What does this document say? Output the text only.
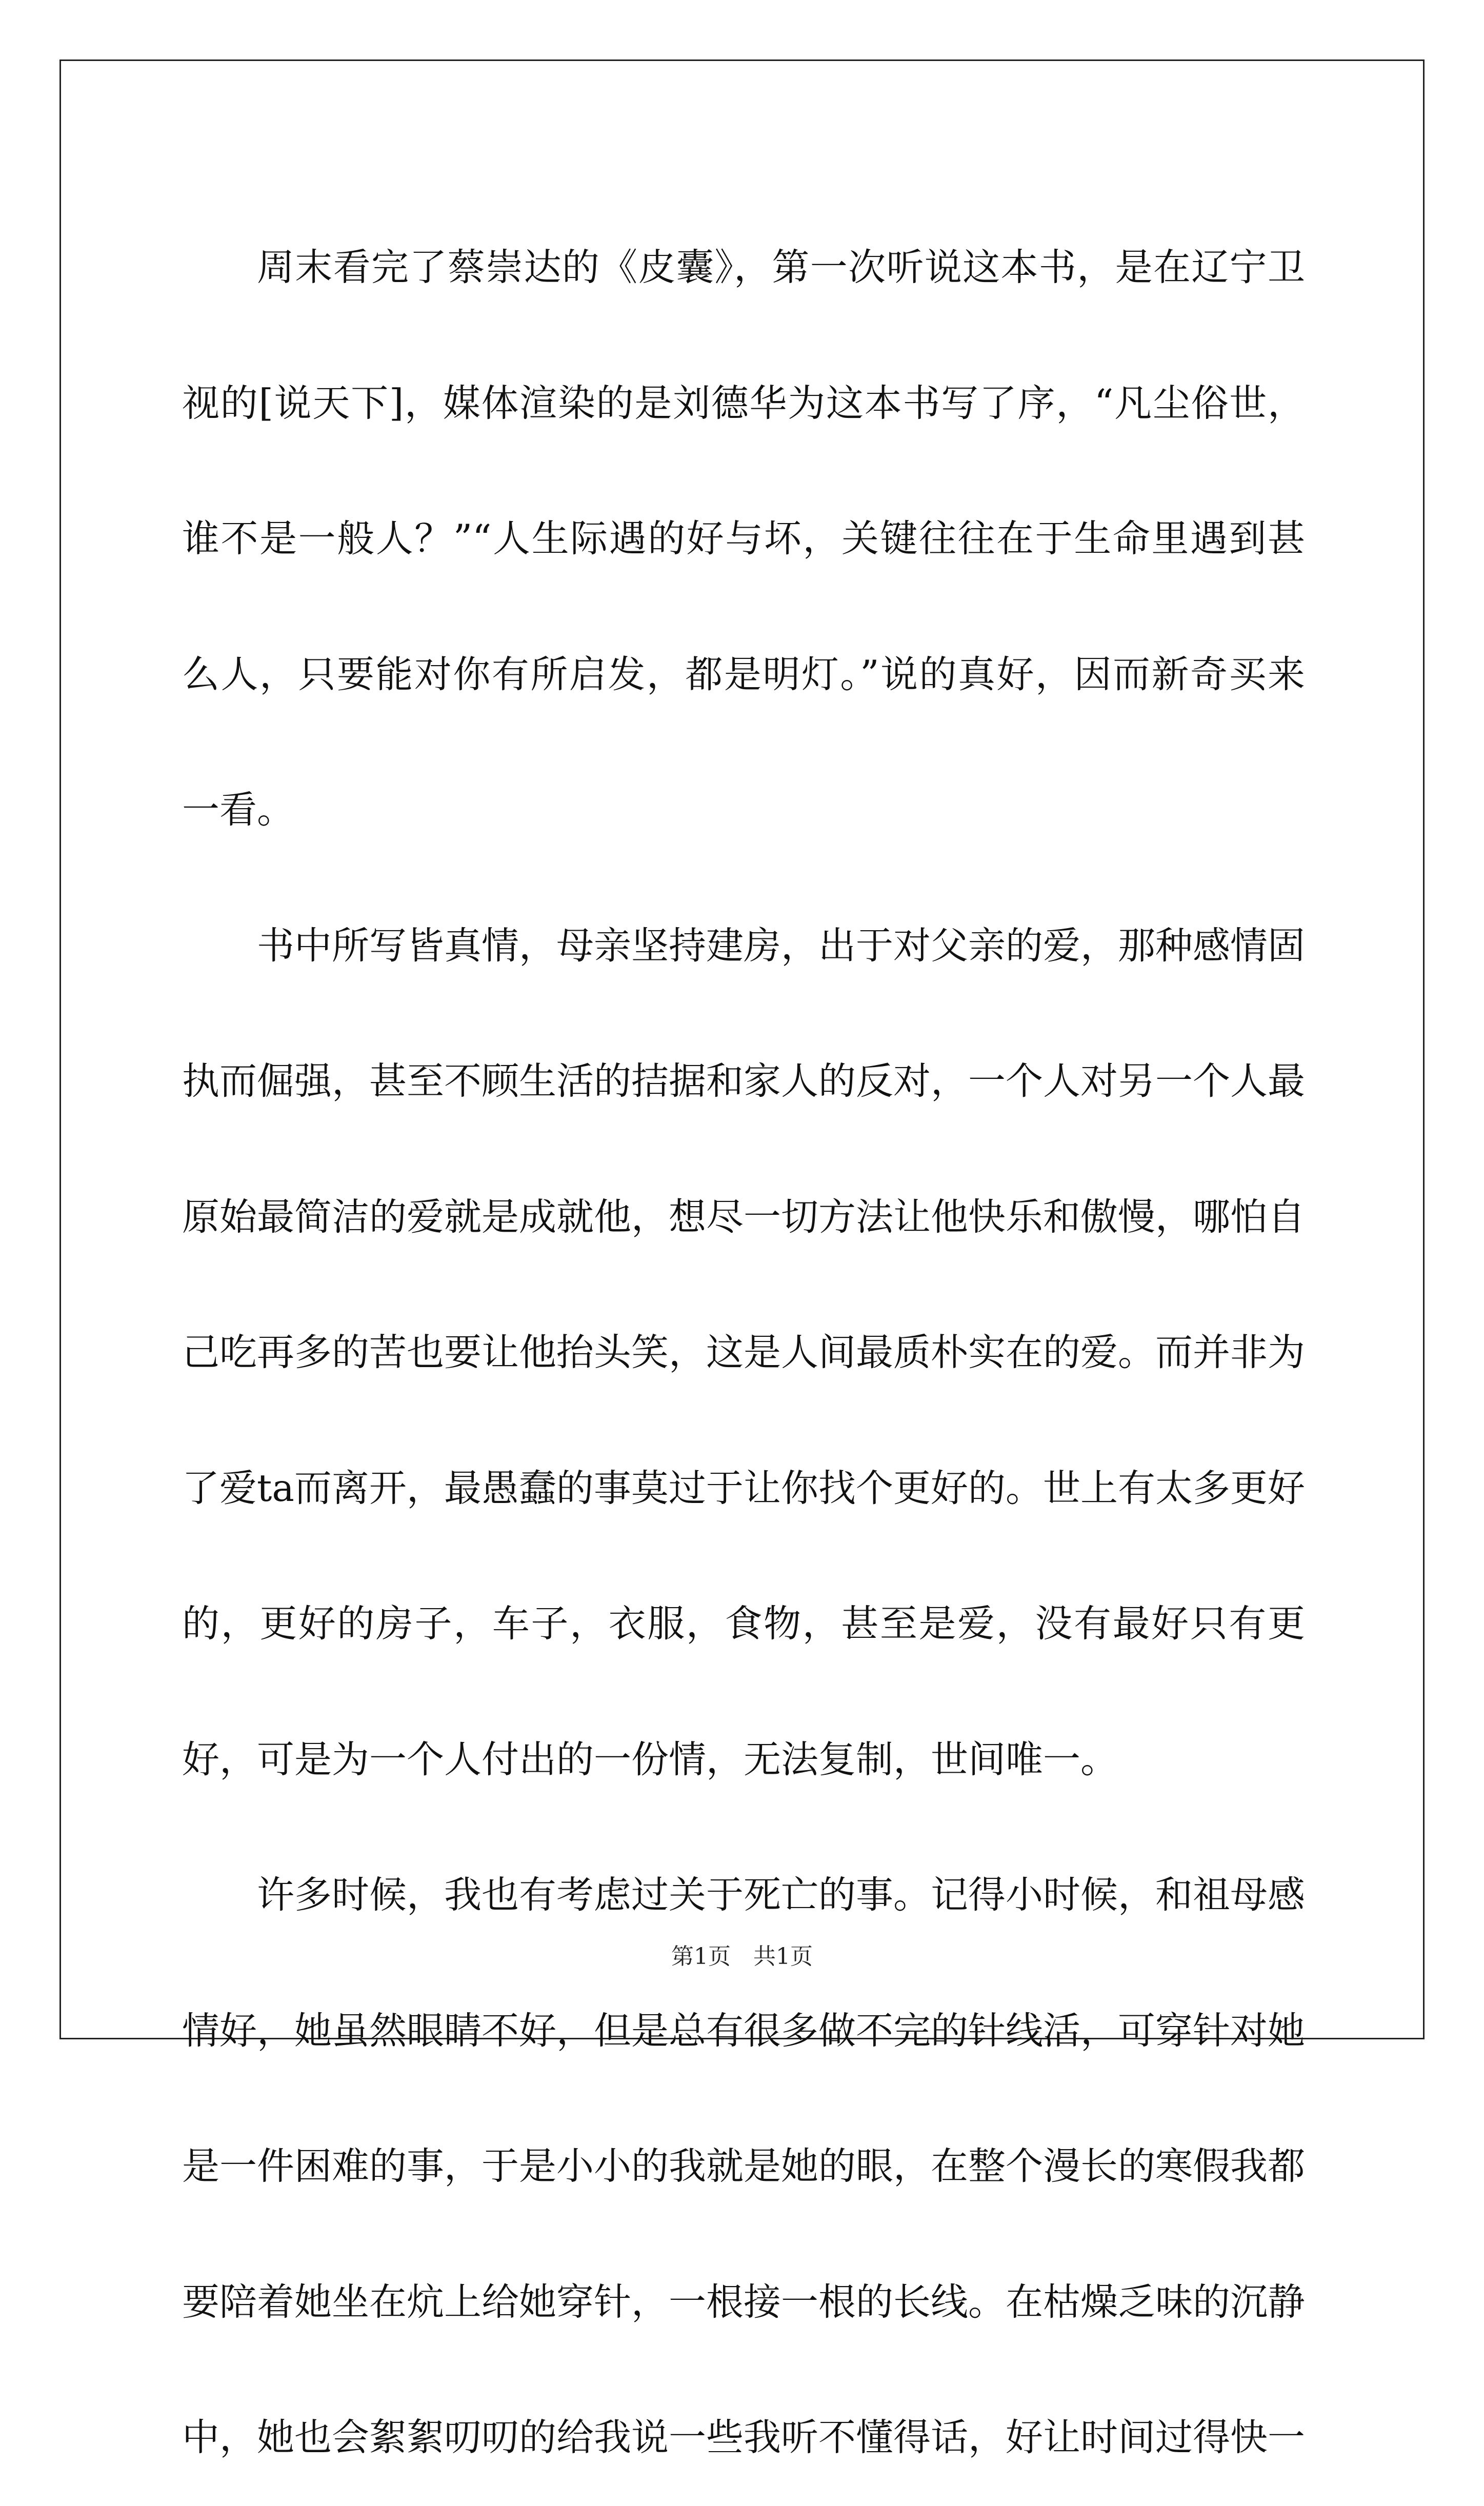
周末看完了蔡崇达的《皮囊》，第一次听说这本书，是在辽宁卫视的[说天下]，媒体渲染的是刘德华为这本书写了序，“凡尘俗世，谁不是一般人？”“人生际遇的好与坏，关键往往在于生命里遇到甚么人，只要能对你有所启发，都是明灯。”说的真好，因而新奇买来一看。

书中所写皆真情，母亲坚持建房，出于对父亲的爱，那种感情固执而倔强，甚至不顾生活的拮据和家人的反对，一个人对另一个人最原始最简洁的爱就是成就他，想尽一切方法让他快乐和傲慢，哪怕自己吃再多的苦也要让他抬头笑，这是人间最质朴实在的爱。而并非为了爱ta而离开，最愚蠢的事莫过于让你找个更好的。世上有太多更好的，更好的房子，车子，衣服，食物，甚至是爱，没有最好只有更好，可是为一个人付出的一份情，无法复制，世间唯一。

许多时候，我也有考虑过关于死亡的事。记得小时候，和祖母感情好，她虽然眼睛不好，但是总有很多做不完的针线活，可穿针对她是一件困难的事，于是小小的我就是她的眼，在整个漫长的寒假我都要陪着她坐在炕上给她穿针，一根接一根的长线。在枯燥乏味的沉静中，她也会絮絮叨叨的给我说一些我听不懂得话，好让时间过得快一

第1页 共1页
